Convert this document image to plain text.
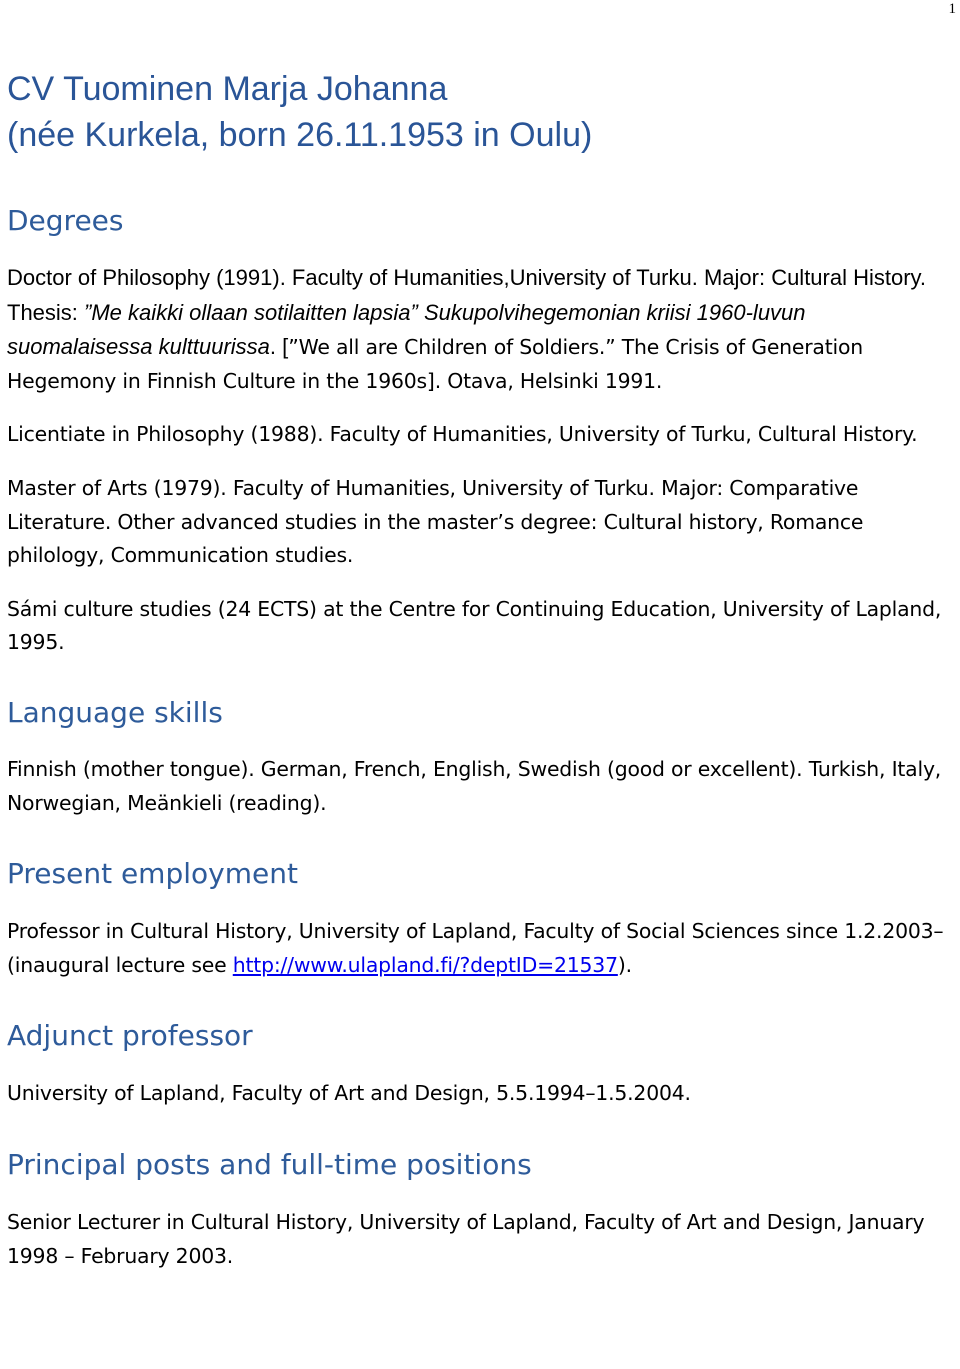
1
CV Tuominen Marja Johanna
(née Kurkela, born 26.11.1953 in Oulu)
Degrees

Doctor of Philosophy (1991). Faculty of Humanities,University of Turku. Major: Cultural History. Thesis: ”Me kaikki ollaan sotilaitten lapsia” Sukupolvihegemonian kriisi 1960-luvun suomalaisessa kulttuurissa. [”We all are Children of Soldiers.” The Crisis of Generation Hegemony in Finnish Culture in the 1960s]. Otava, Helsinki 1991.

Licentiate in Philosophy (1988). Faculty of Humanities, University of Turku, Cultural History.

Master of Arts (1979). Faculty of Humanities, University of Turku. Major: Comparative Literature. Other advanced studies in the master’s degree: Cultural history, Romance philology, Communication studies.

Sámi culture studies (24 ECTS) at the Centre for Continuing Education, University of Lapland, 1995.

Language skills

Finnish (mother tongue). German, French, English, Swedish (good or excellent). Turkish, Italy, Norwegian, Meänkieli (reading).

Present employment

Professor in Cultural History, University of Lapland, Faculty of Social Sciences since 1.2.2003– (inaugural lecture see http://www.ulapland.fi/?deptID=21537).

Adjunct professor

University of Lapland, Faculty of Art and Design, 5.5.1994–1.5.2004.

Principal posts and full-time positions

Senior Lecturer in Cultural History, University of Lapland, Faculty of Art and Design, January 1998 – February 2003.
